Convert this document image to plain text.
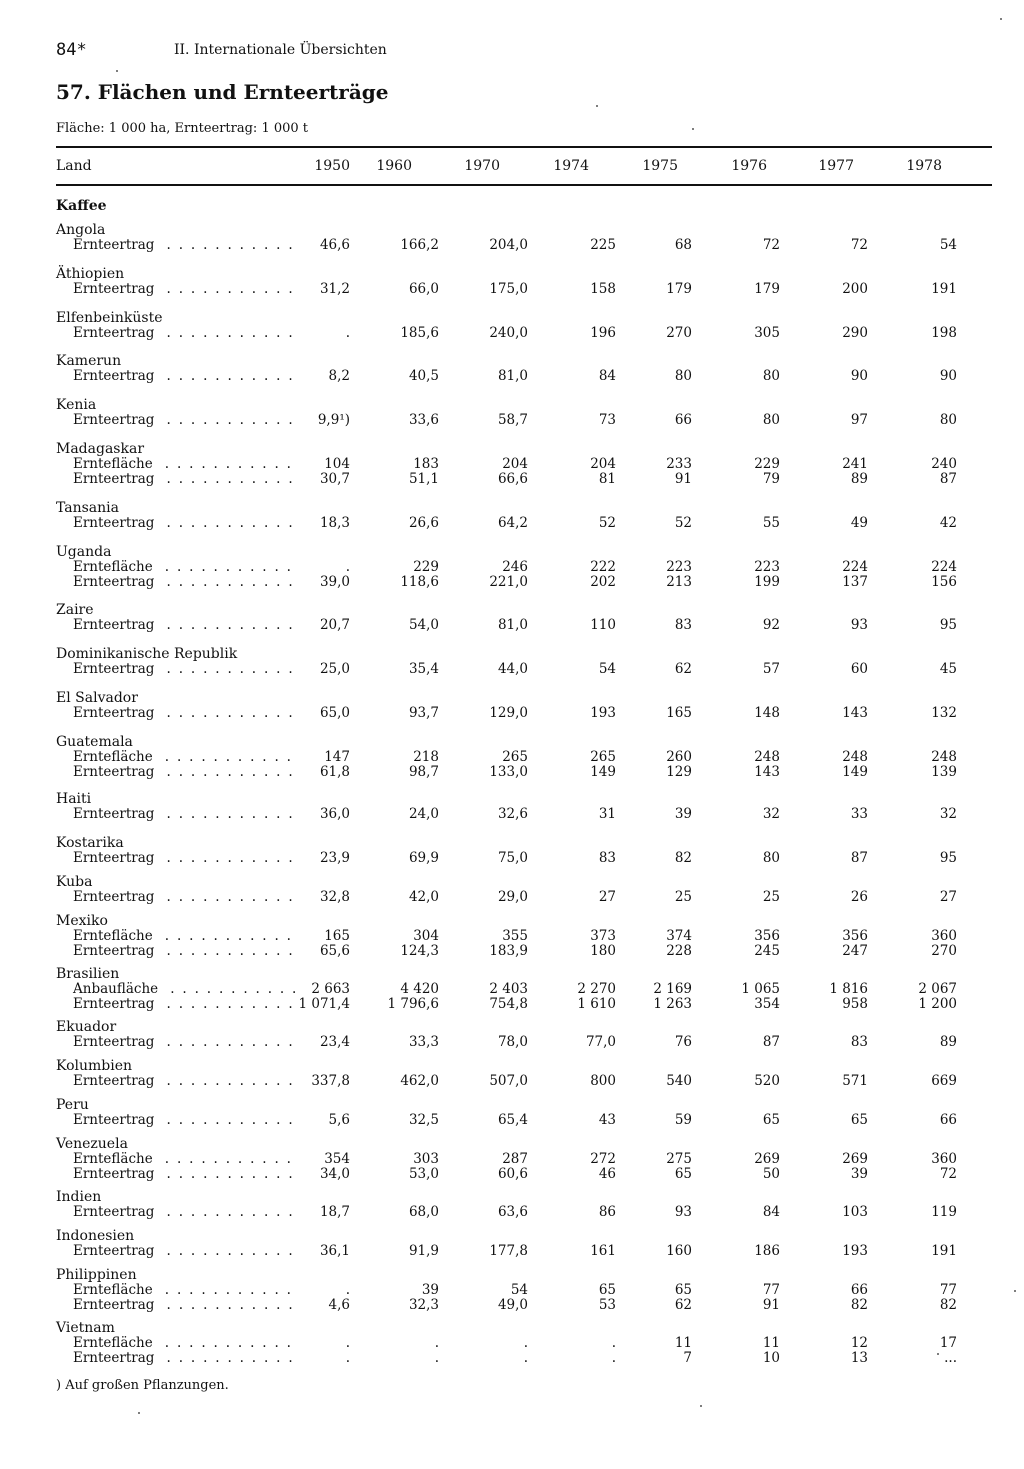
84*	II. Internationale Übersichten
57. Flächen und Ernteerträge
Fläche: 1 000 ha, Ernteertrag: 1 000 t
Land	1950	1960	1970	1974	1975	1976	1977	1978
Kaffee
Angola
Ernteertrag . . . . . . . . . . .	46,6	166,2	204,0	225	68	72	72	54
Äthiopien
Ernteertrag . . . . . . . . . . .	31,2	66,0	175,0	158	179	179	200	191
Elfenbeinküste
Ernteertrag . . . . . . . . . . .	.	185,6	240,0	196	270	305	290	198
Kamerun
Ernteertrag . . . . . . . . . . .	8,2	40,5	81,0	84	80	80	90	90
Kenia
Ernteertrag . . . . . . . . . . .	9,9¹)	33,6	58,7	73	66	80	97	80
Madagaskar
Erntefläche . . . . . . . . . . .	104	183	204	204	233	229	241	240
Ernteertrag . . . . . . . . . . .	30,7	51,1	66,6	81	91	79	89	87
Tansania
Ernteertrag . . . . . . . . . . .	18,3	26,6	64,2	52	52	55	49	42
Uganda
Erntefläche . . . . . . . . . . .	.	229	246	222	223	223	224	224
Ernteertrag . . . . . . . . . . .	39,0	118,6	221,0	202	213	199	137	156
Zaire
Ernteertrag . . . . . . . . . . .	20,7	54,0	81,0	110	83	92	93	95
Dominikanische Republik
Ernteertrag . . . . . . . . . . .	25,0	35,4	44,0	54	62	57	60	45
El Salvador
Ernteertrag . . . . . . . . . . .	65,0	93,7	129,0	193	165	148	143	132
Guatemala
Erntefläche . . . . . . . . . . .	147	218	265	265	260	248	248	248
Ernteertrag . . . . . . . . . . .	61,8	98,7	133,0	149	129	143	149	139
Haiti
Ernteertrag . . . . . . . . . . .	36,0	24,0	32,6	31	39	32	33	32
Kostarika
Ernteertrag . . . . . . . . . . .	23,9	69,9	75,0	83	82	80	87	95
Kuba
Ernteertrag . . . . . . . . . . .	32,8	42,0	29,0	27	25	25	26	27
Mexiko
Erntefläche . . . . . . . . . . .	165	304	355	373	374	356	356	360
Ernteertrag . . . . . . . . . . .	65,6	124,3	183,9	180	228	245	247	270
Brasilien
Anbaufläche . . . . . . . . . . . 2 663	4 420	2 403	2 270	2 169	1 065	1 816	2 067
Ernteertrag . . . . . . . . . . . 1 071,4	1 796,6	754,8	1 610	1 263	354	958	1 200
Ekuador
Ernteertrag . . . . . . . . . . .	23,4	33,3	78,0	77,0	76	87	83	89
Kolumbien
Ernteertrag . . . . . . . . . . .	337,8	462,0	507,0	800	540	520	571	669
Peru
Ernteertrag . . . . . . . . . . .	5,6	32,5	65,4	43	59	65	65	66
Venezuela
Erntefläche . . . . . . . . . . .	354	303	287	272	275	269	269	360
Ernteertrag . . . . . . . . . . .	34,0	53,0	60,6	46	65	50	39	72
Indien
Ernteertrag . . . . . . . . . . .	18,7	68,0	63,6	86	93	84	103	119
Indonesien
Ernteertrag . . . . . . . . . . .	36,1	91,9	177,8	161	160	186	193	191
Philippinen
Erntefläche . . . . . . . . . . .	.	39	54	65	65	77	66	77
Ernteertrag . . . . . . . . . . .	4,6	32,3	49,0	53	62	91	82	82
Vietnam
Erntefläche . . . . . . . . . . .	.	.	.	.	11	11	12	17
Ernteertrag . . . . . . . . . . .	.	.	.	.	7	10	13	...
) Auf großen Pflanzungen.
